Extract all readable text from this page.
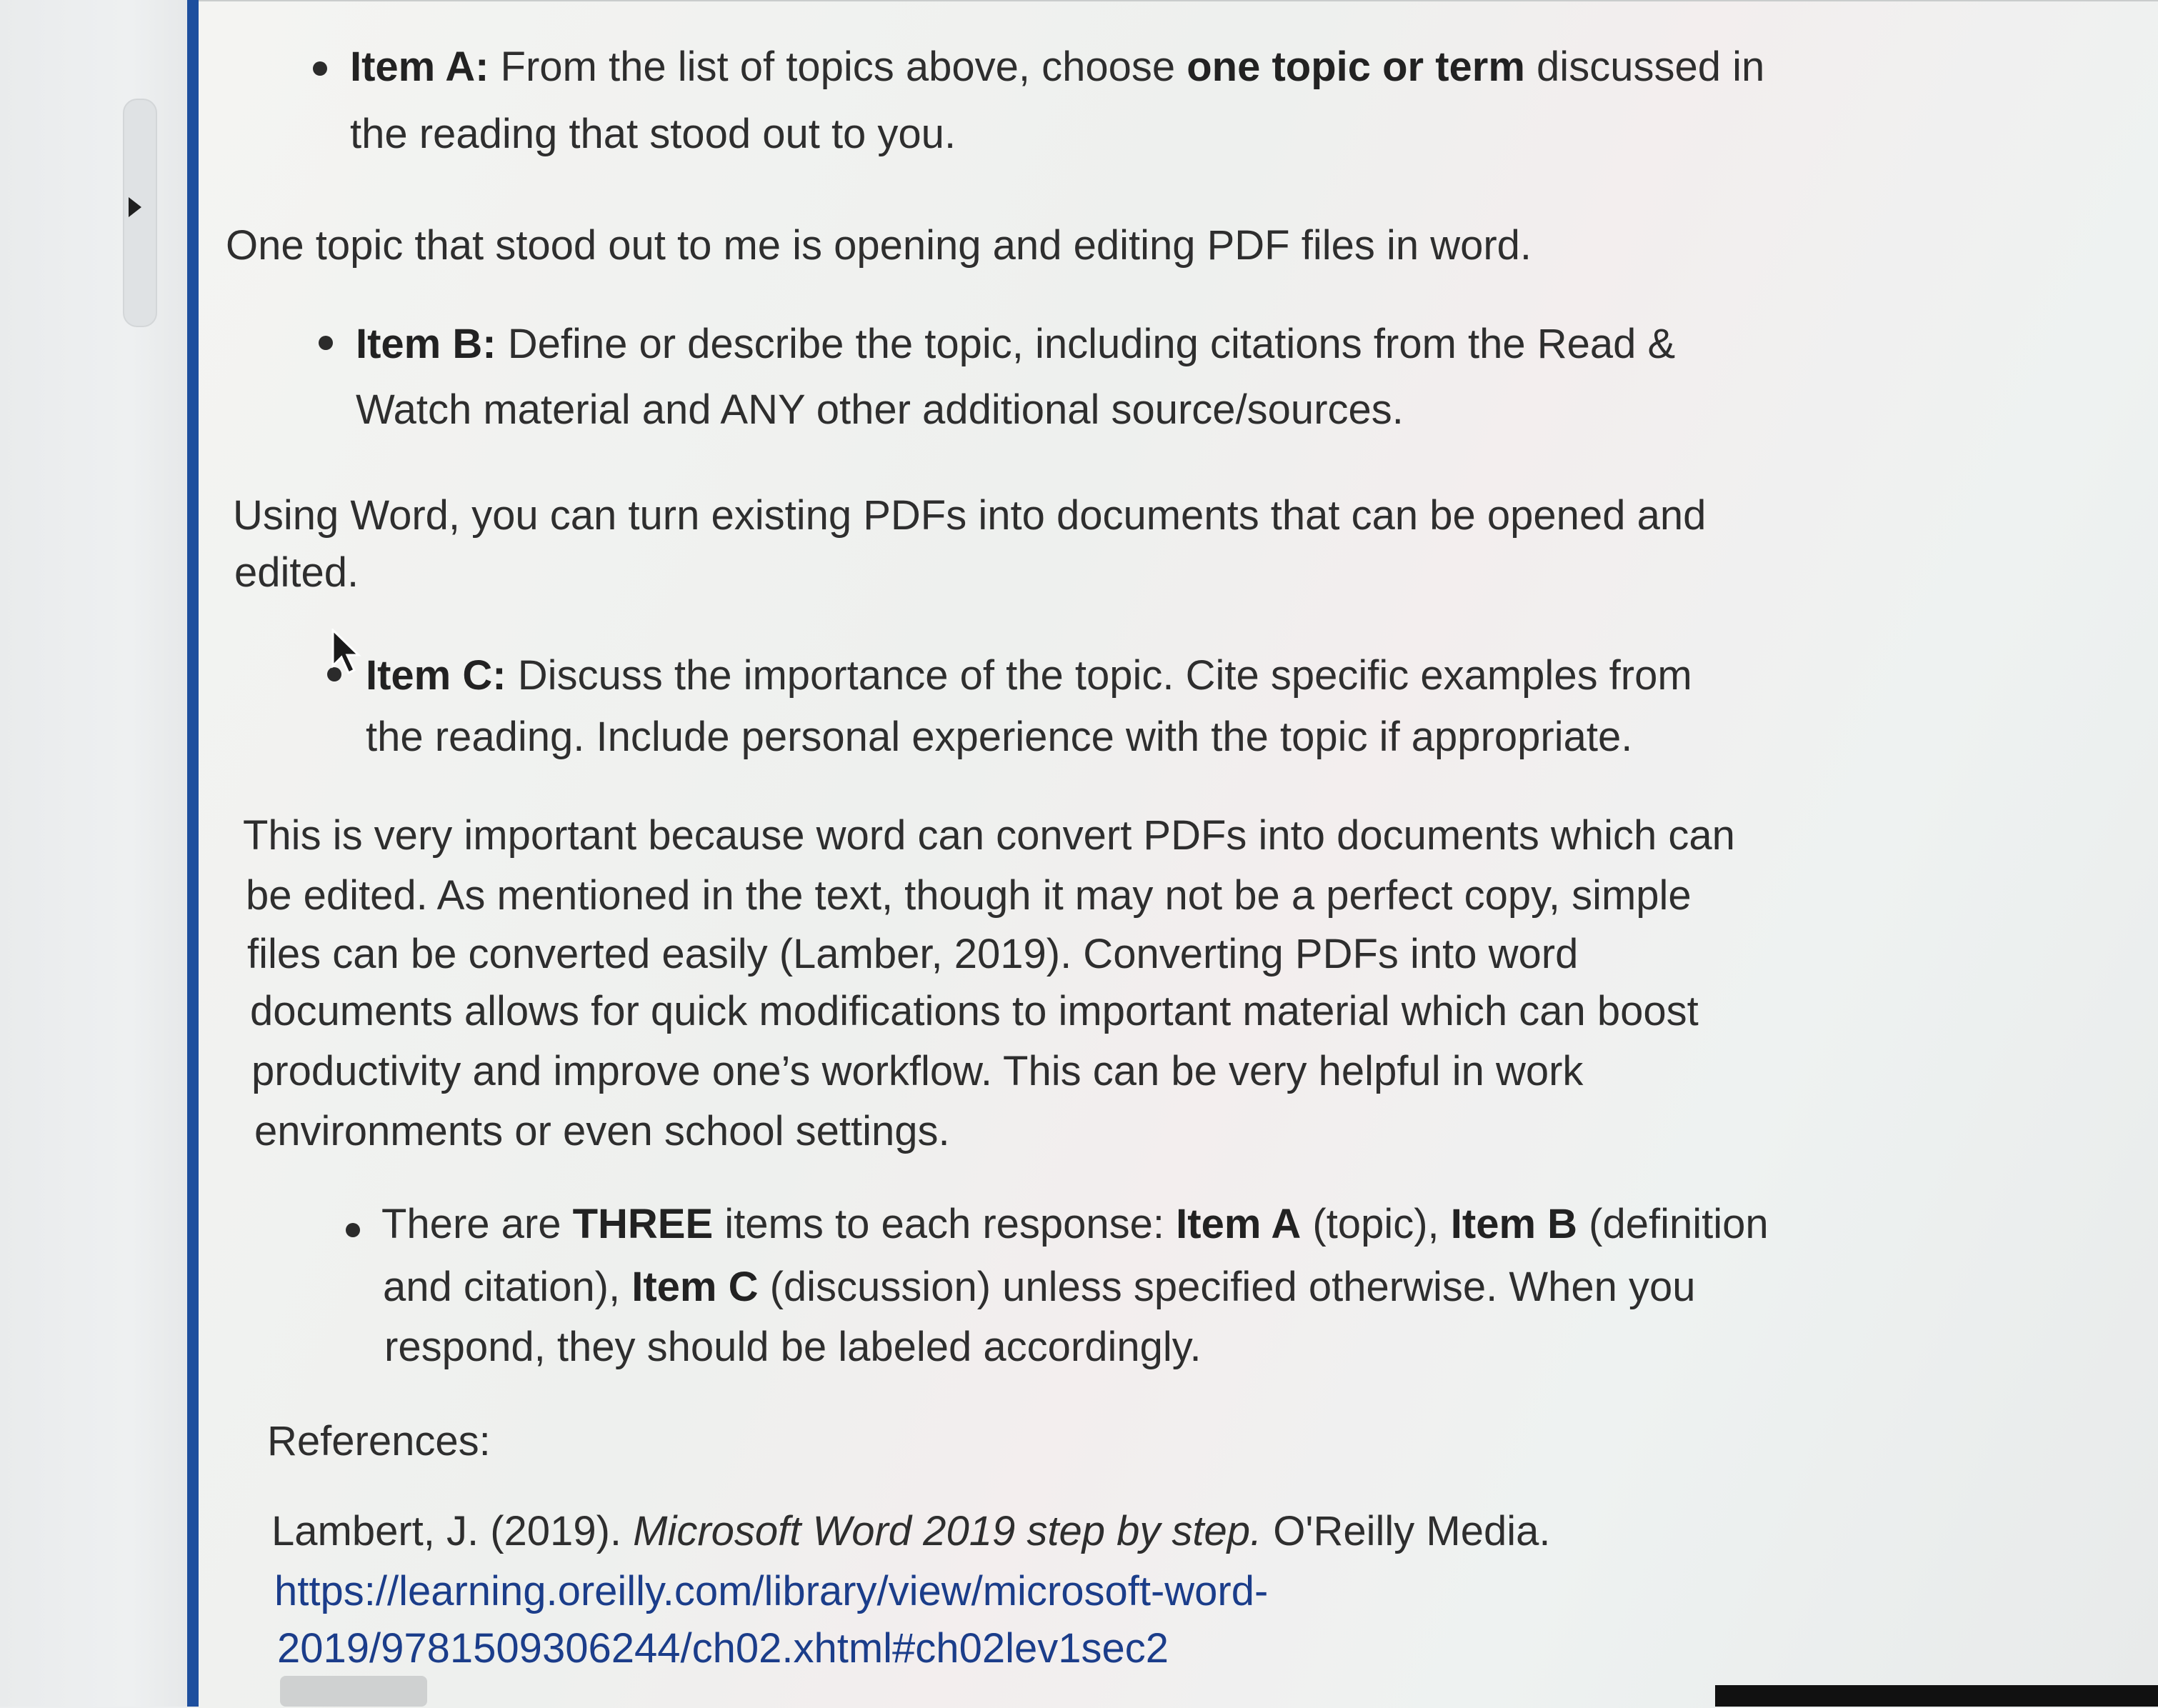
Item A: From the list of topics above, choose one topic or term discussed in
the reading that stood out to you.
One topic that stood out to me is opening and editing PDF files in word.
Item B: Define or describe the topic, including citations from the Read &
Watch material and ANY other additional source/sources.
Using Word, you can turn existing PDFs into documents that can be opened and
edited.
Item C: Discuss the importance of the topic. Cite specific examples from
the reading. Include personal experience with the topic if appropriate.
This is very important because word can convert PDFs into documents which can
be edited. As mentioned in the text, though it may not be a perfect copy, simple
files can be converted easily (Lamber, 2019). Converting PDFs into word
documents allows for quick modifications to important material which can boost
productivity and improve one’s workflow. This can be very helpful in work
environments or even school settings.
There are THREE items to each response: Item A (topic), Item B (definition
and citation), Item C (discussion) unless specified otherwise. When you
respond, they should be labeled accordingly.
References:
Lambert, J. (2019). Microsoft Word 2019 step by step. O'Reilly Media.
https://learning.oreilly.com/library/view/microsoft-word-
2019/9781509306244/ch02.xhtml#ch02lev1sec2
